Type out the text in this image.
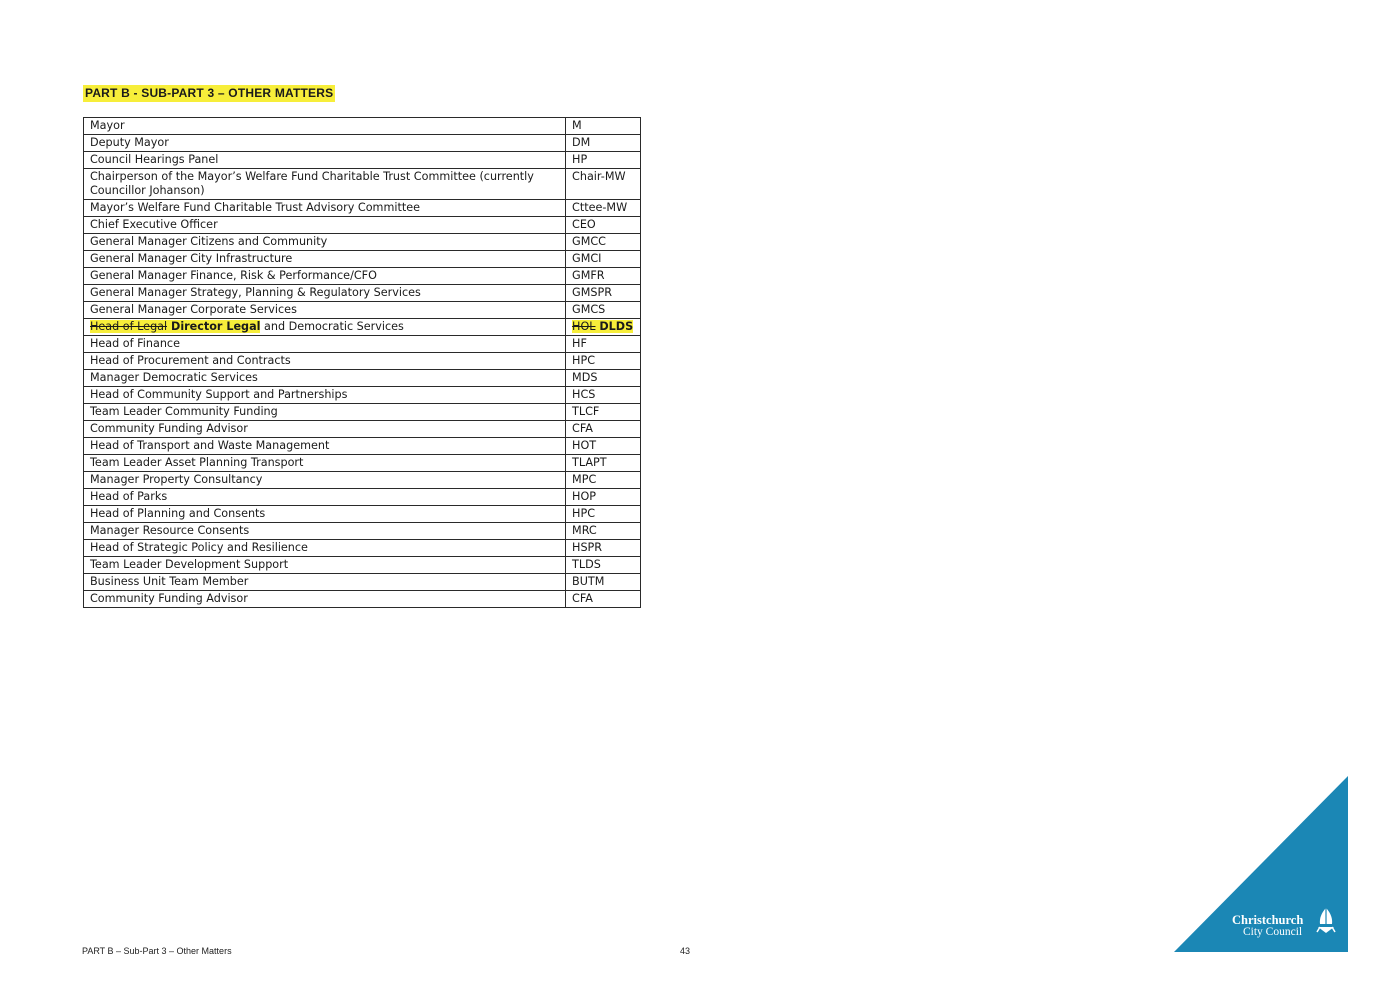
PART B - SUB-PART 3 – OTHER MATTERS
Mayor	M
Deputy Mayor	DM
Council Hearings Panel	HP
Chairperson of the Mayor’s Welfare Fund Charitable Trust Committee (currently Councillor Johanson)	Chair-MW
Mayor’s Welfare Fund Charitable Trust Advisory Committee	Cttee-MW
Chief Executive Officer	CEO
General Manager Citizens and Community	GMCC
General Manager City Infrastructure	GMCI
General Manager Finance, Risk & Performance/CFO	GMFR
General Manager Strategy, Planning & Regulatory Services	GMSPR
General Manager Corporate Services	GMCS
Head of Legal Director Legal and Democratic Services	HOL DLDS
Head of Finance	HF
Head of Procurement and Contracts	HPC
Manager Democratic Services	MDS
Head of Community Support and Partnerships	HCS
Team Leader Community Funding	TLCF
Community Funding Advisor	CFA
Head of Transport and Waste Management	HOT
Team Leader Asset Planning Transport	TLAPT
Manager Property Consultancy	MPC
Head of Parks	HOP
Head of Planning and Consents	HPC
Manager Resource Consents	MRC
Head of Strategic Policy and Resilience	HSPR
Team Leader Development Support	TLDS
Business Unit Team Member	BUTM
Community Funding Advisor	CFA
PART B – Sub-Part 3 – Other Matters	43
Christchurch
City Council
